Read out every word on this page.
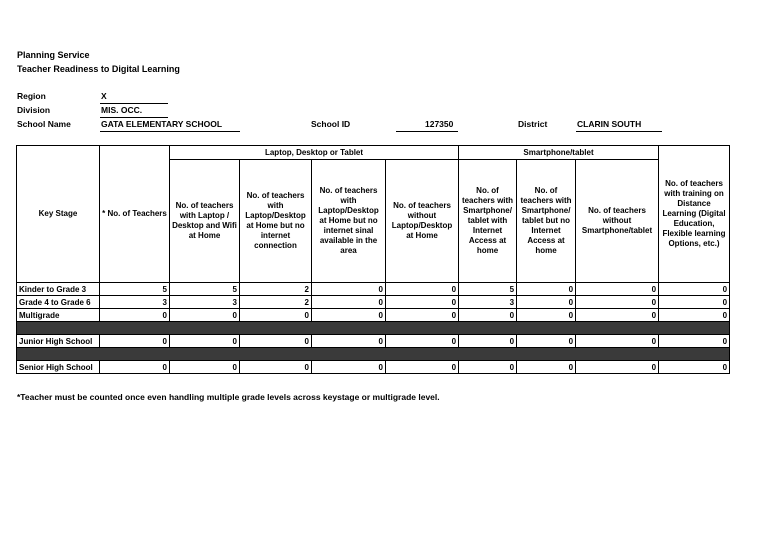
Planning Service
Teacher Readiness to Digital Learning
Region	X
Division	MIS. OCC.
School Name	GATA ELEMENTARY SCHOOL	School ID	127350	District	CLARIN SOUTH
Key Stage	* No. of Teachers	Laptop, Desktop or Tablet				Smartphone/tablet			No. of teachers with training on Distance Learning (Digital Education, Flexible learning Options, etc.)
		No. of teachers with Laptop / Desktop and Wifi at Home	No. of teachers with Laptop/Desktop at Home but no internet connection	No. of teachers with Laptop/Desktop at Home but no internet sinal available in the area	No. of teachers without Laptop/Desktop at Home	No. of teachers with Smartphone/ tablet with Internet Access at home	No. of teachers with Smartphone/ tablet but no Internet Access at home	No. of teachers without Smartphone/tablet	
Kinder to Grade 3	5	5	2	0	0	5	0	0	0
Grade 4 to Grade 6	3	3	2	0	0	3	0	0	0
Multigrade	0	0	0	0	0	0	0	0	0

Junior High School	0	0	0	0	0	0	0	0	0

Senior High School	0	0	0	0	0	0	0	0	0
*Teacher must be counted once even handling multiple grade levels across keystage or multigrade level.
